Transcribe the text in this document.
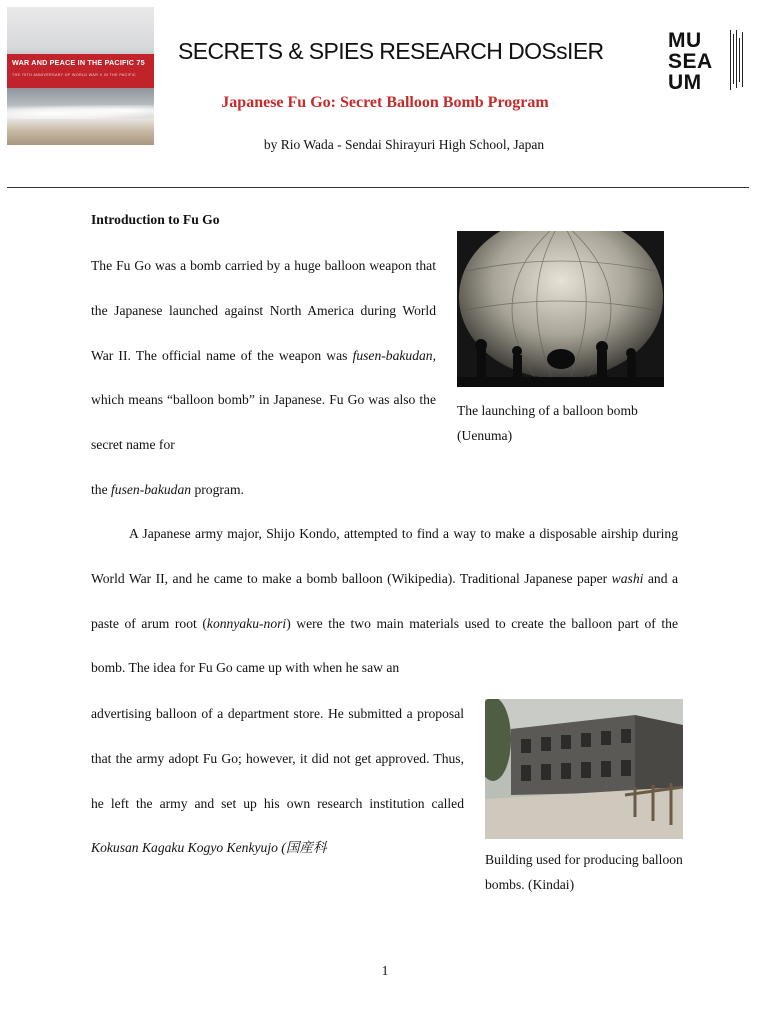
WAR AND PEACE IN THE PACIFIC 75
THE 75TH ANNIVERSARY OF WORLD WAR II IN THE PACIFIC
SECRETS & SPIES RESEARCH DOSsIER
Japanese Fu Go: Secret Balloon Bomb Program
by Rio Wada - Sendai Shirayuri High School, Japan
MU
SEA
UM
Introduction to Fu Go

The Fu Go was a bomb carried by a huge balloon weapon that the Japanese launched against North America during World War II. The official name of the weapon was fusen-bakudan, which means “balloon bomb” in Japanese. Fu Go was also the secret name for

the fusen-bakudan program.

A Japanese army major, Shijo Kondo, attempted to find a way to make a disposable airship during World War II, and he came to make a bomb balloon (Wikipedia). Traditional Japanese paper washi and a paste of arum root (konnyaku-nori) were the two main materials used to create the balloon part of the bomb. The idea for Fu Go came up with when he saw an

advertising balloon of a department store. He submitted a proposal that the army adopt Fu Go; however, it did not get approved. Thus, he left the army and set up his own research institution called Kokusan Kagaku Kogyo Kenkyujo (国産科

The launching of a balloon bomb (Uenuma)
Building used for producing balloon bombs. (Kindai)
1
